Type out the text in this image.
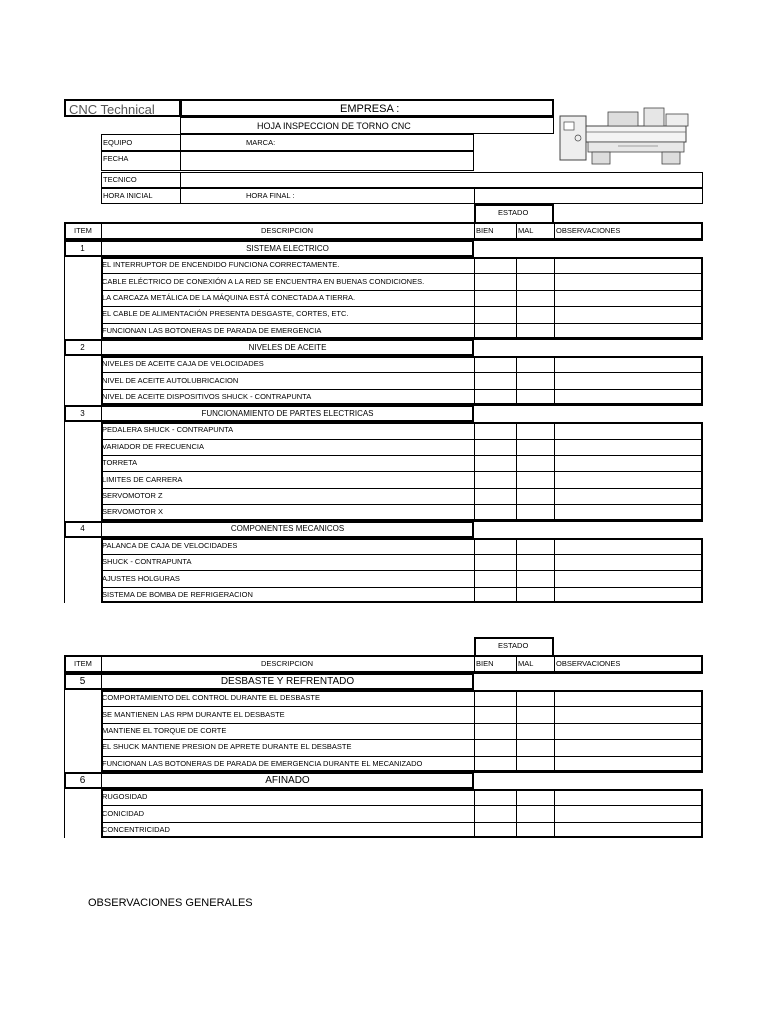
CNC Technical	EMPRESA :
HOJA INSPECCION DE TORNO CNC
EQUIPO	MARCA:
FECHA
TECNICO
HORA INICIAL	HORA FINAL :
ESTADO
ITEM	DESCRIPCION	BIEN	MAL	OBSERVACIONES
1	SISTEMA ELECTRICO
EL INTERRUPTOR DE ENCENDIDO FUNCIONA CORRECTAMENTE.
CABLE ELÉCTRICO DE CONEXIÓN A LA RED SE ENCUENTRA EN BUENAS CONDICIONES.
LA CARCAZA METÁLICA DE LA MÁQUINA ESTÁ CONECTADA A TIERRA.
EL CABLE DE ALIMENTACIÓN PRESENTA DESGASTE, CORTES, ETC.
FUNCIONAN LAS BOTONERAS DE PARADA DE EMERGENCIA
2	NIVELES DE ACEITE
NIVELES DE ACEITE CAJA DE VELOCIDADES
NIVEL DE ACEITE AUTOLUBRICACION
NIVEL DE ACEITE DISPOSITIVOS SHUCK - CONTRAPUNTA
3	FUNCIONAMIENTO DE PARTES ELECTRICAS
PEDALERA SHUCK - CONTRAPUNTA
VARIADOR DE FRECUENCIA
TORRETA
LIMITES DE CARRERA
SERVOMOTOR Z
SERVOMOTOR X
4	COMPONENTES MECANICOS
PALANCA DE CAJA DE VELOCIDADES
SHUCK - CONTRAPUNTA
AJUSTES HOLGURAS
SISTEMA DE BOMBA DE REFRIGERACION
ESTADO
ITEM	DESCRIPCION	BIEN	MAL	OBSERVACIONES
5	DESBASTE Y REFRENTADO
COMPORTAMIENTO DEL CONTROL DURANTE EL DESBASTE
SE MANTIENEN LAS RPM DURANTE EL DESBASTE
MANTIENE EL TORQUE DE CORTE
EL SHUCK MANTIENE PRESION DE APRETE DURANTE EL DESBASTE
FUNCIONAN LAS BOTONERAS DE PARADA DE EMERGENCIA DURANTE EL MECANIZADO
6	AFINADO
RUGOSIDAD
CONICIDAD
CONCENTRICIDAD
OBSERVACIONES GENERALES
